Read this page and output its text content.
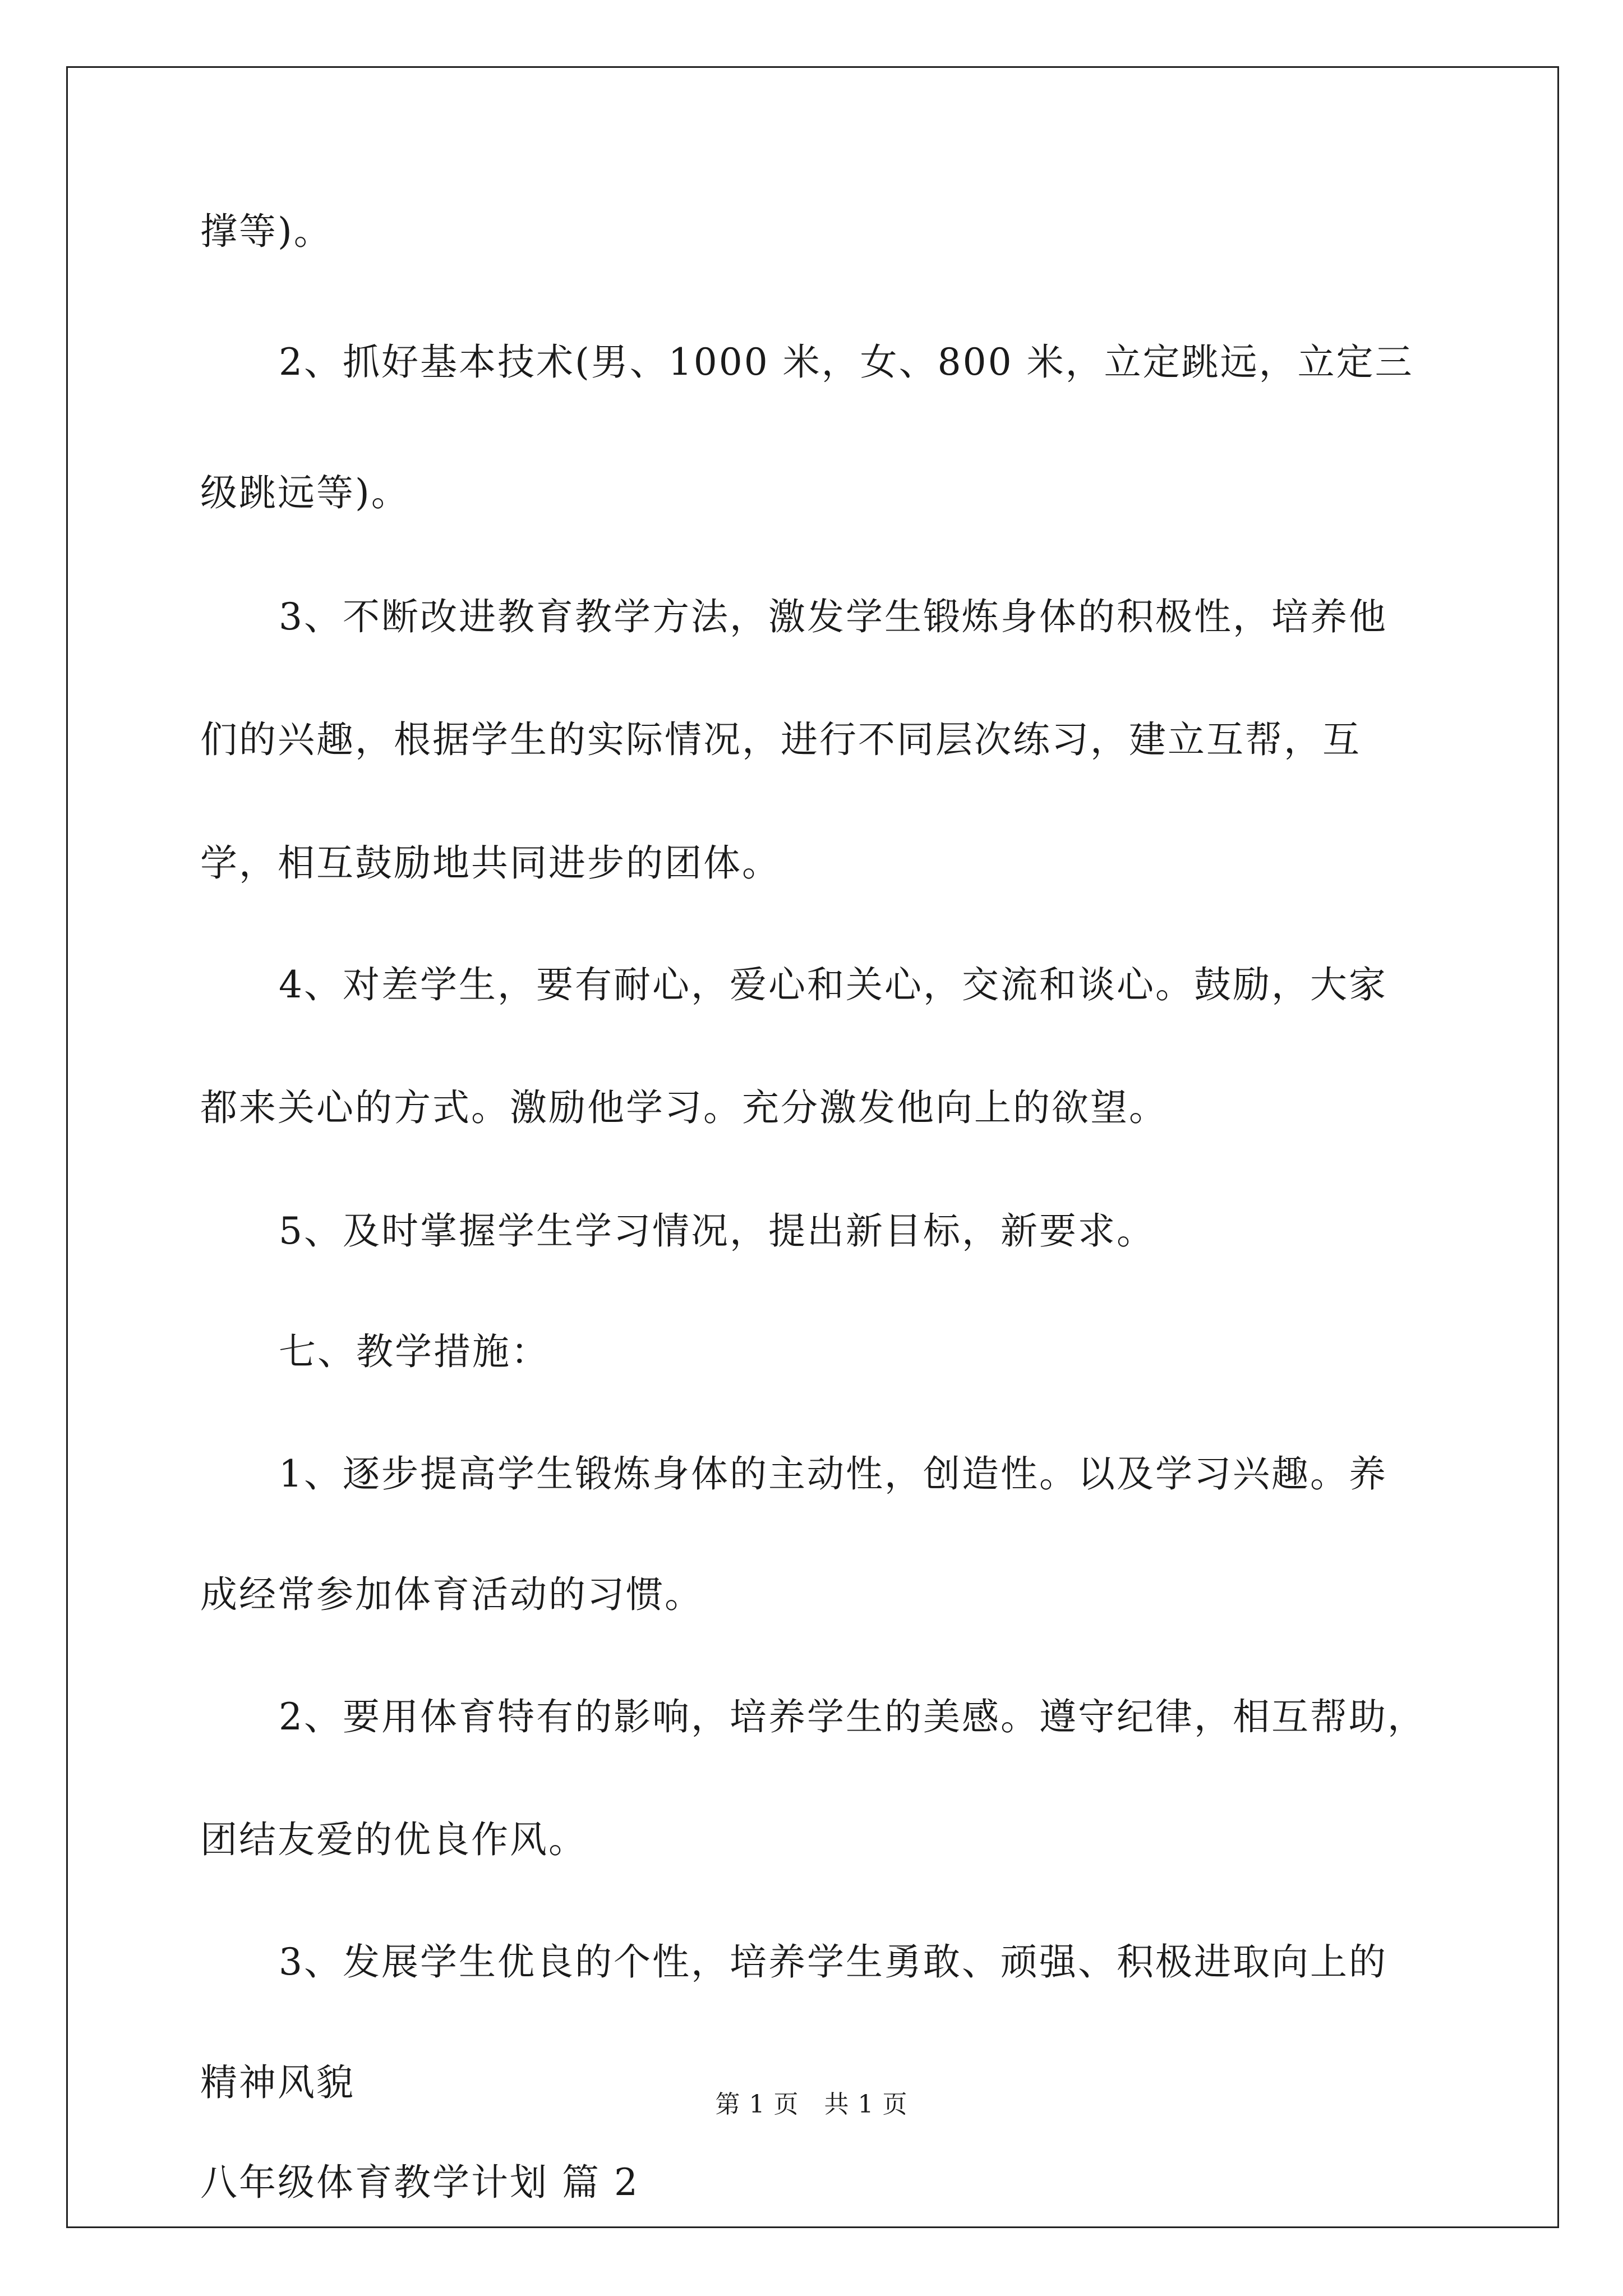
撑等)。
2、抓好基本技术(男、1000 米，女、800 米，立定跳远，立定三
级跳远等)。
3、不断改进教育教学方法，激发学生锻炼身体的积极性，培养他
们的兴趣，根据学生的实际情况，进行不同层次练习，建立互帮，互
学，相互鼓励地共同进步的团体。
4、对差学生，要有耐心，爱心和关心，交流和谈心。鼓励，大家
都来关心的方式。激励他学习。充分激发他向上的欲望。
5、及时掌握学生学习情况，提出新目标，新要求。
七、教学措施：
1、逐步提高学生锻炼身体的主动性，创造性。以及学习兴趣。养
成经常参加体育活动的习惯。
2、要用体育特有的影响，培养学生的美感。遵守纪律，相互帮助，
团结友爱的优良作风。
3、发展学生优良的个性，培养学生勇敢、顽强、积极进取向上的
精神风貌
八年级体育教学计划 篇 2
第 1 页　共 1 页
